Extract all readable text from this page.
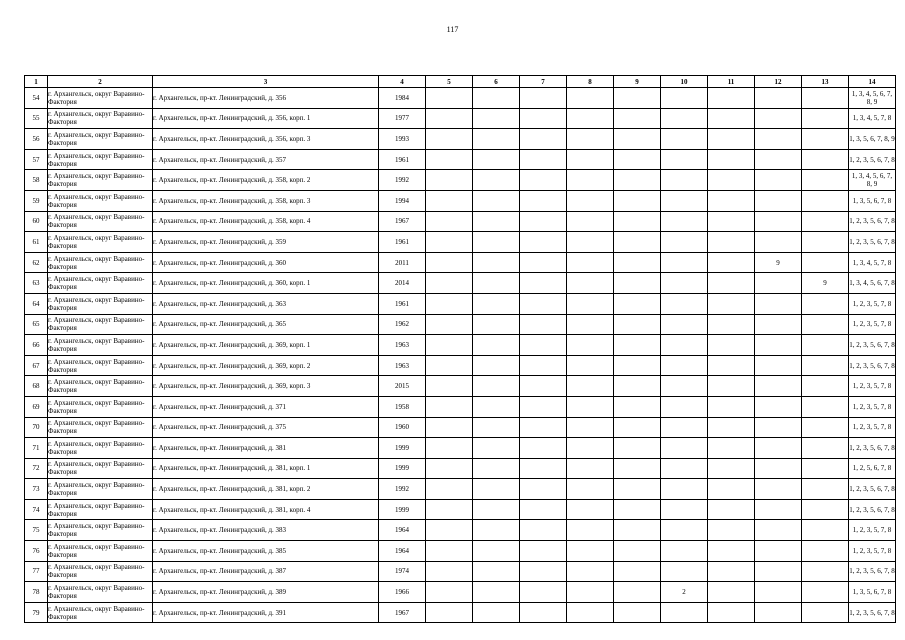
117
1	2	3	4	5	6	7	8	9	10	11	12	13	14
54	г. Архангельск, округ Варавино-Фактория	г. Архангельск, пр-кт. Ленинградский, д. 356	1984										1, 3, 4, 5, 6, 7, 8, 9
55	г. Архангельск, округ Варавино-Фактория	г. Архангельск, пр-кт. Ленинградский, д. 356, корп. 1	1977										1, 3, 4, 5, 7, 8
56	г. Архангельск, округ Варавино-Фактория	г. Архангельск, пр-кт. Ленинградский, д. 356, корп. 3	1993										1, 3, 5, 6, 7, 8, 9
57	г. Архангельск, округ Варавино-Фактория	г. Архангельск, пр-кт. Ленинградский, д. 357	1961										1, 2, 3, 5, 6, 7, 8
58	г. Архангельск, округ Варавино-Фактория	г. Архангельск, пр-кт. Ленинградский, д. 358, корп. 2	1992										1, 3, 4, 5, 6, 7, 8, 9
59	г. Архангельск, округ Варавино-Фактория	г. Архангельск, пр-кт. Ленинградский, д. 358, корп. 3	1994										1, 3, 5, 6, 7, 8
60	г. Архангельск, округ Варавино-Фактория	г. Архангельск, пр-кт. Ленинградский, д. 358, корп. 4	1967										1, 2, 3, 5, 6, 7, 8
61	г. Архангельск, округ Варавино-Фактория	г. Архангельск, пр-кт. Ленинградский, д. 359	1961										1, 2, 3, 5, 6, 7, 8
62	г. Архангельск, округ Варавино-Фактория	г. Архангельск, пр-кт. Ленинградский, д. 360	2011								9		1, 3, 4, 5, 7, 8
63	г. Архангельск, округ Варавино-Фактория	г. Архангельск, пр-кт. Ленинградский, д. 360, корп. 1	2014									9	1, 3, 4, 5, 6, 7, 8
64	г. Архангельск, округ Варавино-Фактория	г. Архангельск, пр-кт. Ленинградский, д. 363	1961										1, 2, 3, 5, 7, 8
65	г. Архангельск, округ Варавино-Фактория	г. Архангельск, пр-кт. Ленинградский, д. 365	1962										1, 2, 3, 5, 7, 8
66	г. Архангельск, округ Варавино-Фактория	г. Архангельск, пр-кт. Ленинградский, д. 369, корп. 1	1963										1, 2, 3, 5, 6, 7, 8
67	г. Архангельск, округ Варавино-Фактория	г. Архангельск, пр-кт. Ленинградский, д. 369, корп. 2	1963										1, 2, 3, 5, 6, 7, 8
68	г. Архангельск, округ Варавино-Фактория	г. Архангельск, пр-кт. Ленинградский, д. 369, корп. 3	2015										1, 2, 3, 5, 7, 8
69	г. Архангельск, округ Варавино-Фактория	г. Архангельск, пр-кт. Ленинградский, д. 371	1958										1, 2, 3, 5, 7, 8
70	г. Архангельск, округ Варавино-Фактория	г. Архангельск, пр-кт. Ленинградский, д. 375	1960										1, 2, 3, 5, 7, 8
71	г. Архангельск, округ Варавино-Фактория	г. Архангельск, пр-кт. Ленинградский, д. 381	1999										1, 2, 3, 5, 6, 7, 8
72	г. Архангельск, округ Варавино-Фактория	г. Архангельск, пр-кт. Ленинградский, д. 381, корп. 1	1999										1, 2, 5, 6, 7, 8
73	г. Архангельск, округ Варавино-Фактория	г. Архангельск, пр-кт. Ленинградский, д. 381, корп. 2	1992										1, 2, 3, 5, 6, 7, 8
74	г. Архангельск, округ Варавино-Фактория	г. Архангельск, пр-кт. Ленинградский, д. 381, корп. 4	1999										1, 2, 3, 5, 6, 7, 8
75	г. Архангельск, округ Варавино-Фактория	г. Архангельск, пр-кт. Ленинградский, д. 383	1964										1, 2, 3, 5, 7, 8
76	г. Архангельск, округ Варавино-Фактория	г. Архангельск, пр-кт. Ленинградский, д. 385	1964										1, 2, 3, 5, 7, 8
77	г. Архангельск, округ Варавино-Фактория	г. Архангельск, пр-кт. Ленинградский, д. 387	1974										1, 2, 3, 5, 6, 7, 8
78	г. Архангельск, округ Варавино-Фактория	г. Архангельск, пр-кт. Ленинградский, д. 389	1966						2				1, 3, 5, 6, 7, 8
79	г. Архангельск, округ Варавино-Фактория	г. Архангельск, пр-кт. Ленинградский, д. 391	1967										1, 2, 3, 5, 6, 7, 8
